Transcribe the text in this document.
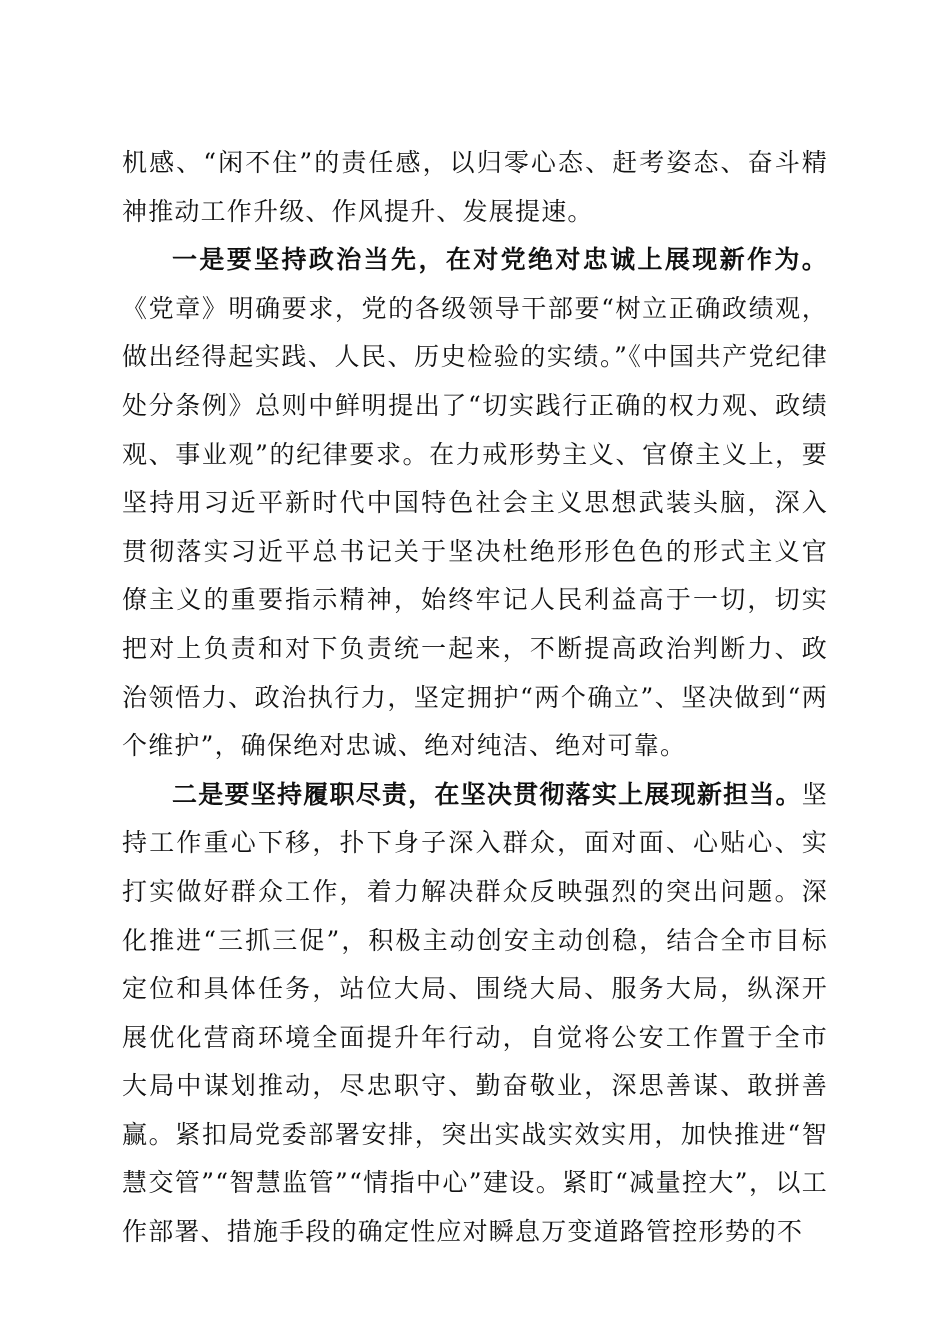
机感、“闲不住”的责任感，以归零心态、赶考姿态、奋斗精神推动工作升级、作风提升、发展提速。

一是要坚持政治当先，在对党绝对忠诚上展现新作为。《党章》明确要求，党的各级领导干部要“树立正确政绩观，做出经得起实践、人民、历史检验的实绩。”《中国共产党纪律处分条例》总则中鲜明提出了“切实践行正确的权力观、政绩观、事业观”的纪律要求。在力戒形势主义、官僚主义上，要坚持用习近平新时代中国特色社会主义思想武装头脑，深入贯彻落实习近平总书记关于坚决杜绝形形色色的形式主义官僚主义的重要指示精神，始终牢记人民利益高于一切，切实把对上负责和对下负责统一起来，不断提高政治判断力、政治领悟力、政治执行力，坚定拥护“两个确立”、坚决做到“两个维护”，确保绝对忠诚、绝对纯洁、绝对可靠。

二是要坚持履职尽责，在坚决贯彻落实上展现新担当。坚持工作重心下移，扑下身子深入群众，面对面、心贴心、实打实做好群众工作，着力解决群众反映强烈的突出问题。深化推进“三抓三促”，积极主动创安主动创稳，结合全市目标定位和具体任务，站位大局、围绕大局、服务大局，纵深开展优化营商环境全面提升年行动，自觉将公安工作置于全市大局中谋划推动，尽忠职守、勤奋敬业，深思善谋、敢拼善赢。紧扣局党委部署安排，突出实战实效实用，加快推进“智慧交管”“智慧监管”“情指中心”建设。紧盯“减量控大”，以工作部署、措施手段的确定性应对瞬息万变道路管控形势的不
